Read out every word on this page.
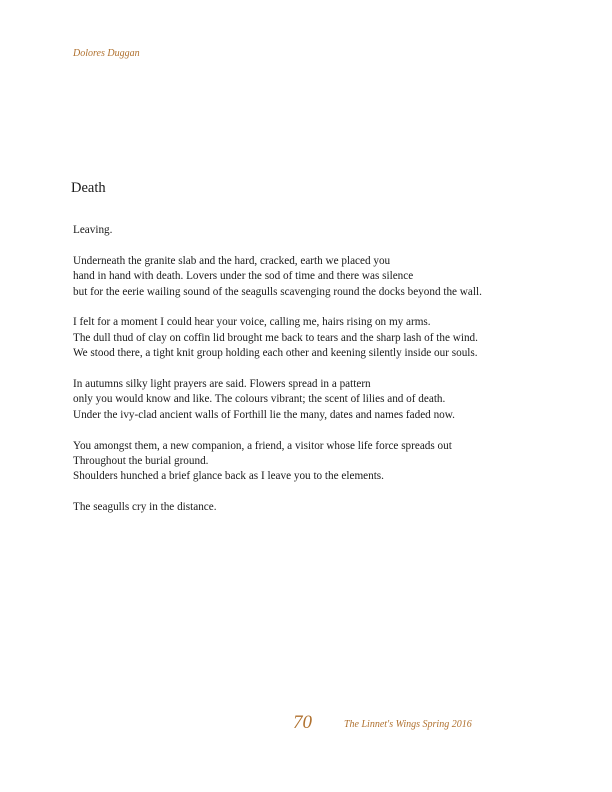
Dolores Duggan
Death
Leaving.
Underneath the granite slab and the hard, cracked, earth we placed you
hand in hand with death. Lovers under the sod of time and there was silence
but for the eerie wailing sound of the seagulls scavenging round the docks beyond the wall.
I felt for a moment I could hear your voice, calling me, hairs rising on my arms.
The dull thud of clay on coffin lid brought me back to tears and the sharp lash of the wind.
We stood there, a tight knit group holding each other and keening silently inside our souls.
In autumns silky light prayers are said. Flowers spread in a pattern
only you would know and like. The colours vibrant; the scent of lilies and of death.
Under the ivy-clad ancient walls of Forthill lie the many, dates and names faded now.
You amongst them, a new companion, a friend, a visitor whose life force spreads out
Throughout the burial ground.
Shoulders hunched a brief glance back as I leave you to the elements.
The seagulls cry in the distance.
70	The Linnet's Wings Spring 2016
